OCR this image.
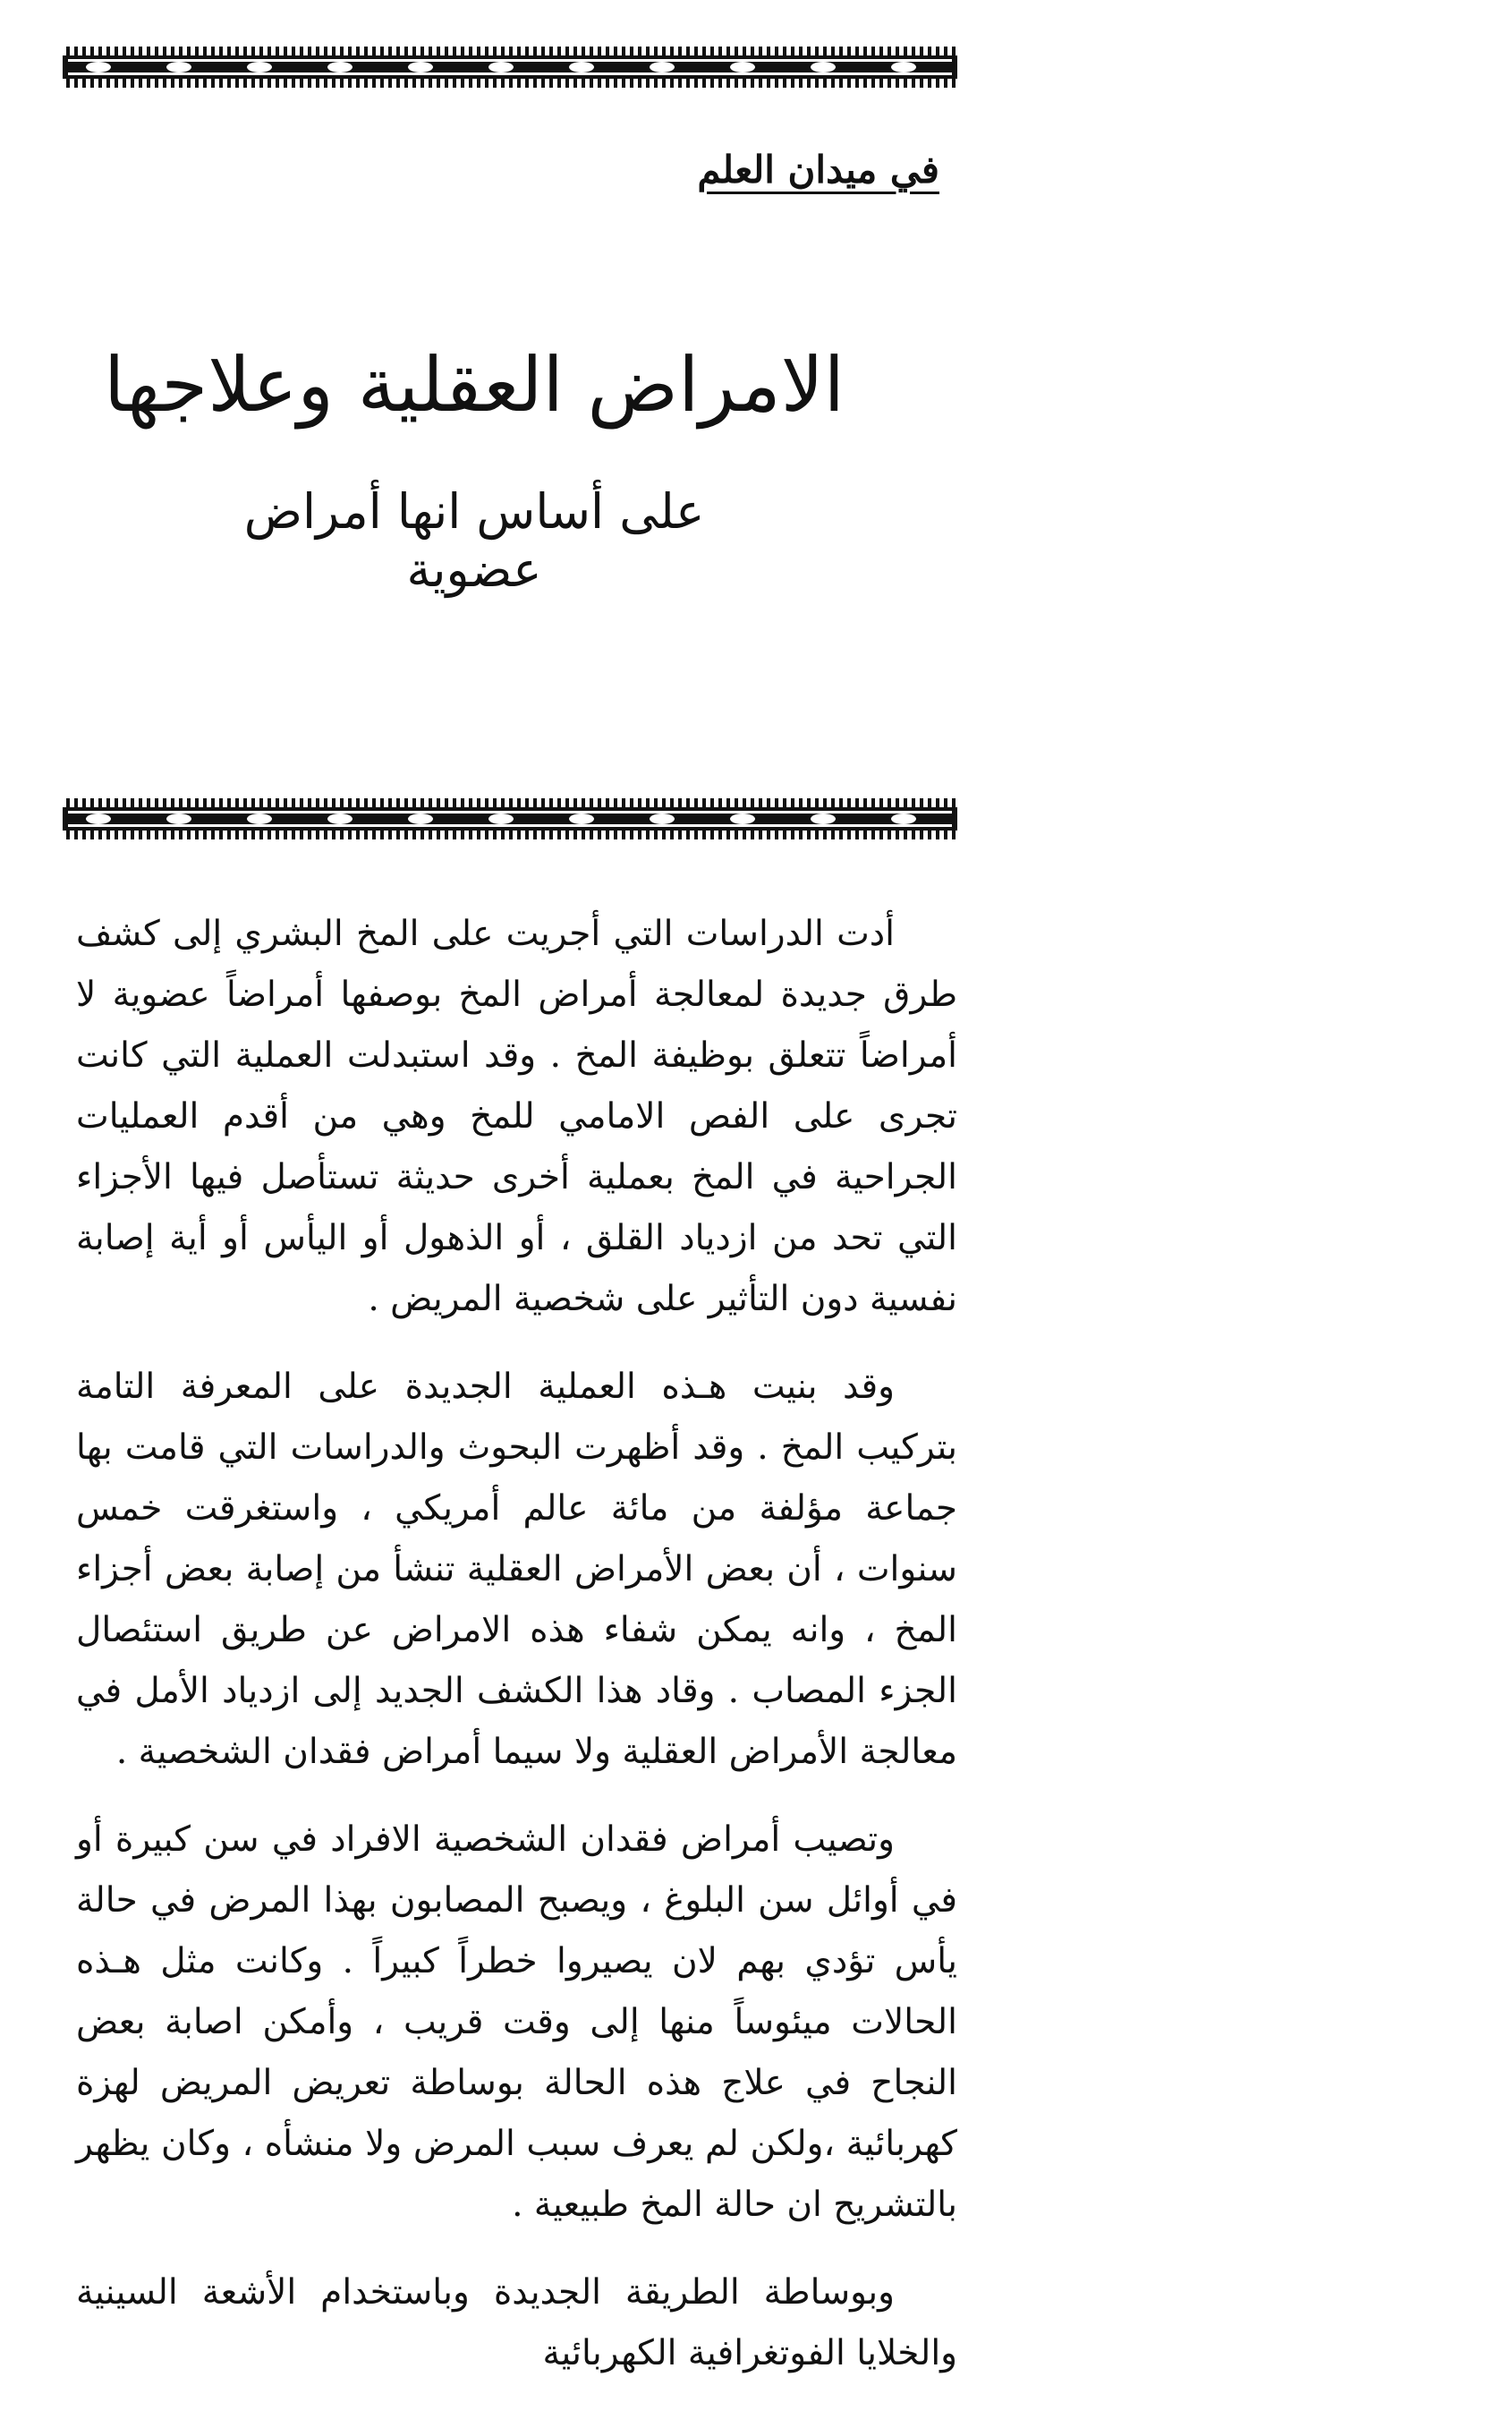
في ميدان العلم
الامراض العقلية وعلاجها
على أساس انها أمراض عضوية

أدت الدراسات التي أجريت على المخ البشري إلى كشف طرق جديدة لمعالجة أمراض المخ بوصفها أمراضاً عضوية لا أمراضاً تتعلق بوظيفة المخ . وقد استبدلت العملية التي كانت تجرى على الفص الامامي للمخ وهي من أقدم العمليات الجراحية في المخ بعملية أخرى حديثة تستأصل فيها الأجزاء التي تحد من ازدياد القلق ، أو الذهول أو اليأس أو أية إصابة نفسية دون التأثير على شخصية المريض .

وقد بنيت هـذه العملية الجديدة على المعرفة التامة بتركيب المخ . وقد أظهرت البحوث والدراسات التي قامت بها جماعة مؤلفة من مائة عالم أمريكي ، واستغرقت خمس سنوات ، أن بعض الأمراض العقلية تنشأ من إصابة بعض أجزاء المخ ، وانه يمكن شفاء هذه الامراض عن طريق استئصال الجزء المصاب . وقاد هذا الكشف الجديد إلى ازدياد الأمل في معالجة الأمراض العقلية ولا سيما أمراض فقدان الشخصية .

وتصيب أمراض فقدان الشخصية الافراد في سن كبيرة أو في أوائل سن البلوغ ، ويصبح المصابون بهذا المرض في حالة يأس تؤدي بهم لان يصيروا خطراً كبيراً . وكانت مثل هـذه الحالات ميئوساً منها إلى وقت قريب ، وأمكن اصابة بعض النجاح في علاج هذه الحالة بوساطة تعريض المريض لهزة كهربائية ،ولكن لم يعرف سبب المرض ولا منشأه ، وكان يظهر بالتشريح ان حالة المخ طبيعية .

وبوساطة الطريقة الجديدة وباستخدام الأشعة السينية والخلايا الفوتغرافية الكهربائية
